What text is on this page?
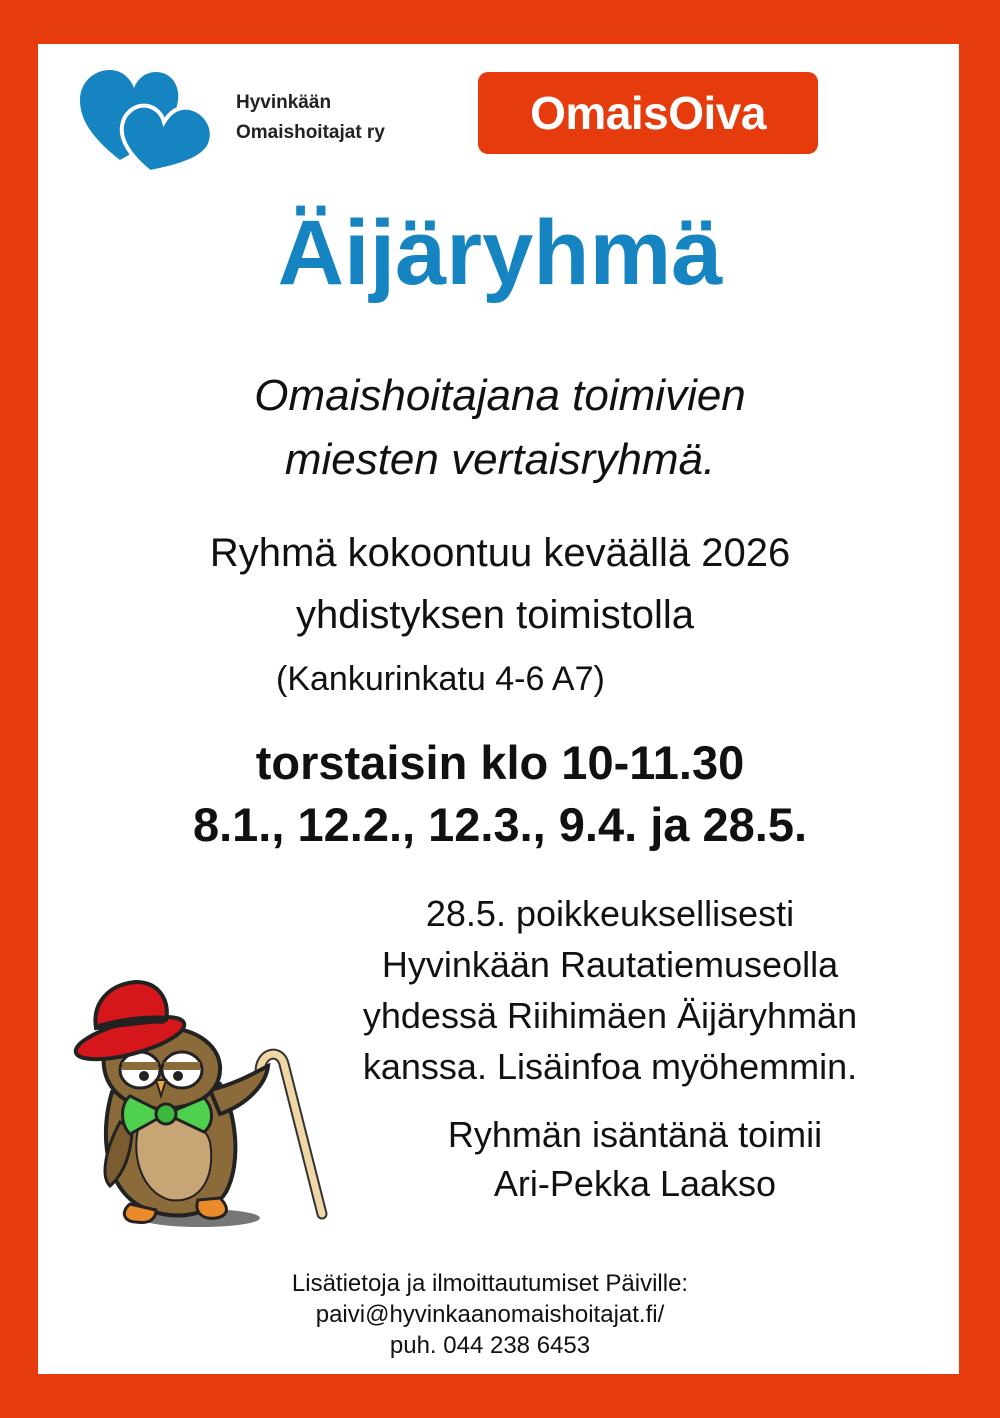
Hyvinkään
Omaishoitajat ry	OmaisOiva
Äijäryhmä
Omaishoitajana toimivien
miesten vertaisryhmä.
Ryhmä kokoontuu keväällä 2026
yhdistyksen toimistolla
(Kankurinkatu 4-6 A7)
torstaisin klo 10-11.30
8.1., 12.2., 12.3., 9.4. ja 28.5.
28.5. poikkeuksellisesti
Hyvinkään Rautatiemuseolla
yhdessä Riihimäen Äijäryhmän
kanssa. Lisäinfoa myöhemmin.
Ryhmän isäntänä toimii
Ari-Pekka Laakso
Lisätietoja ja ilmoittautumiset Päiville:
paivi@hyvinkaanomaishoitajat.fi/
puh. 044 238 6453
